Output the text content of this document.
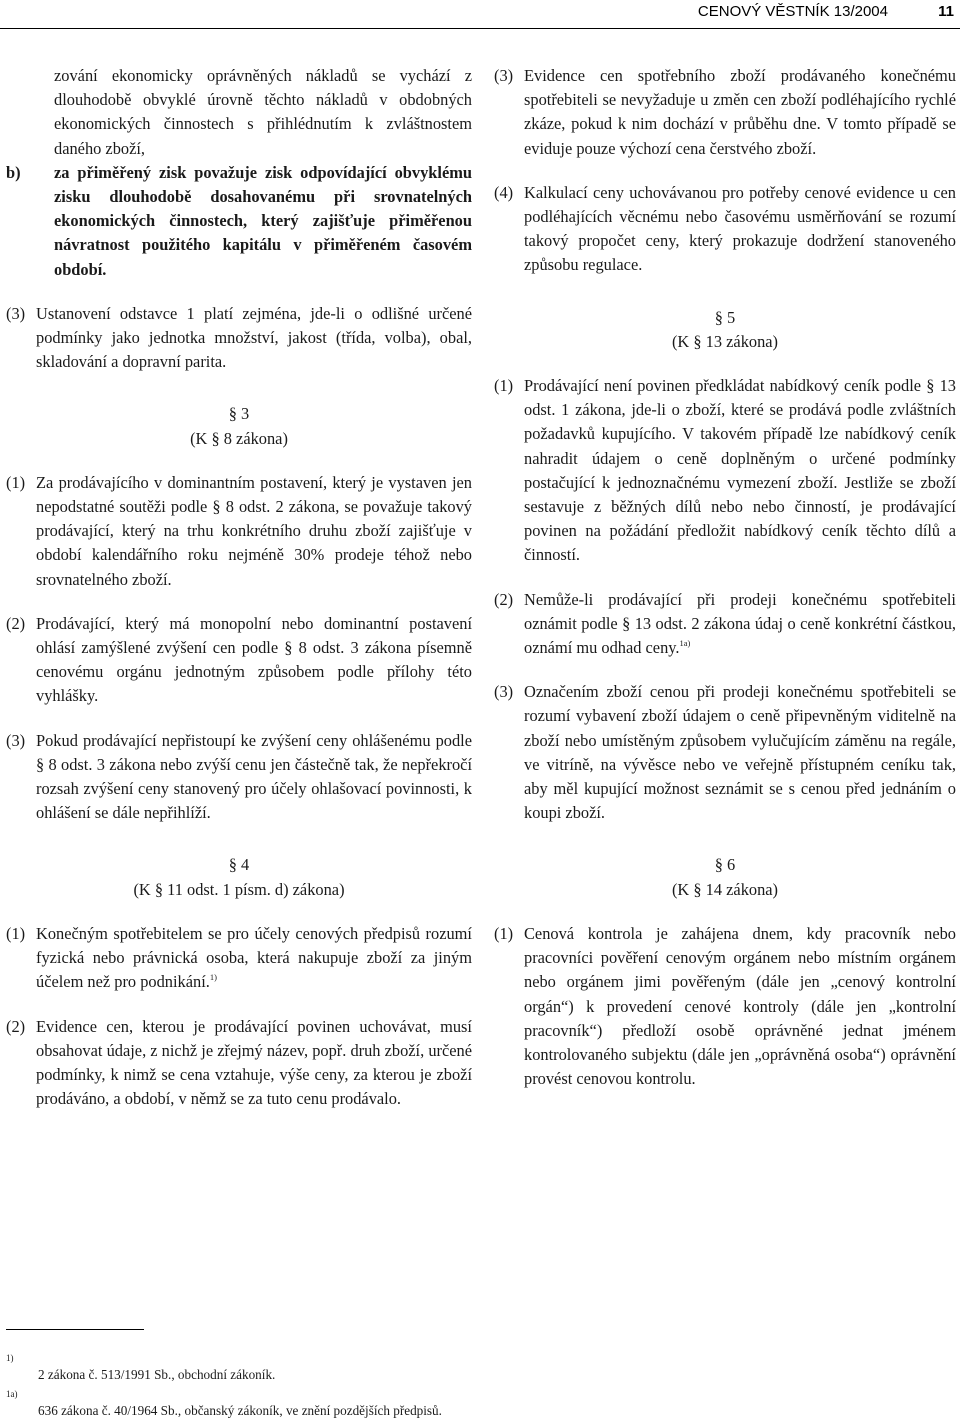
CENOVÝ VĚSTNÍK 13/2004	11

zování ekonomicky oprávněných nákladů se vychází z dlouhodobě obvyklé úrovně těchto nákladů v obdobných ekonomických činnostech s přihlédnutím k zvláštnostem daného zboží,

b)	za přiměřený zisk považuje zisk odpovídající obvyklému zisku dlouhodobě dosahovanému při srovnatelných ekonomických činnostech, který zajišťuje přiměřenou návratnost použitého kapitálu v přiměřeném časovém období.
(3) Ustanovení odstavce 1 platí zejména, jde-li o odlišné určené podmínky jako jednotka množství, jakost (třída, volba), obal, skladování a dopravní parita.
§ 3
(K § 8 zákona)
(1) Za prodávajícího v dominantním postavení, který je vystaven jen nepodstatné soutěži podle § 8 odst. 2 zákona, se považuje takový prodávající, který na trhu konkrétního druhu zboží zajišťuje v období kalendářního roku nejméně 30% prodeje téhož nebo srovnatelného zboží.
(2) Prodávající, který má monopolní nebo dominantní postavení ohlásí zamýšlené zvýšení cen podle § 8 odst. 3 zákona písemně cenovému orgánu jednotným způsobem podle přílohy této vyhlášky.
(3) Pokud prodávající nepřistoupí ke zvýšení ceny ohlášenému podle § 8 odst. 3 zákona nebo zvýší cenu jen částečně tak, že nepřekročí rozsah zvýšení ceny stanovený pro účely ohlašovací povinnosti, k ohlášení se dále nepřihlíží.
§ 4
(K § 11 odst. 1 písm. d) zákona)
(1) Konečným spotřebitelem se pro účely cenových předpisů rozumí fyzická nebo právnická osoba, která nakupuje zboží za jiným účelem než pro podnikání.$^{1)}$
(2) Evidence cen, kterou je prodávající povinen uchovávat, musí obsahovat údaje, z nichž je zřejmý název, popř. druh zboží, určené podmínky, k nimž se cena vztahuje, výše ceny, za kterou je zboží prodáváno, a období, v němž se za tuto cenu prodávalo.
(3) Evidence cen spotřebního zboží prodávaného konečnému spotřebiteli se nevyžaduje u změn cen zboží podléhajícího rychlé zkáze, pokud k nim dochází v průběhu dne. V tomto případě se eviduje pouze výchozí cena čerstvého zboží.
(4) Kalkulací ceny uchovávanou pro potřeby cenové evidence u cen podléhajících věcnému nebo časovému usměrňování se rozumí takový propočet ceny, který prokazuje dodržení stanoveného způsobu regulace.
§ 5
(K § 13 zákona)
(1) Prodávající není povinen předkládat nabídkový ceník podle § 13 odst. 1 zákona, jde-li o zboží, které se prodává podle zvláštních požadavků kupujícího. V takovém případě lze nabídkový ceník nahradit údajem o ceně doplněným o určené podmínky postačující k jednoznačnému vymezení zboží. Jestliže se zboží sestavuje z běžných dílů nebo nebo činností, je prodávající povinen na požádání předložit nabídkový ceník těchto dílů a činností.
(2) Nemůže-li prodávající při prodeji konečnému spotřebiteli oznámit podle § 13 odst. 2 zákona údaj o ceně konkrétní částkou, oznámí mu odhad ceny.$^{1a)}$
(3) Označením zboží cenou při prodeji konečnému spotřebiteli se rozumí vybavení zboží údajem o ceně připevněným viditelně na zboží nebo umístěným způsobem vylučujícím záměnu na regále, ve vitríně, na vývěsce nebo ve veřejně přístupném ceníku tak, aby měl kupující možnost seznámit se s cenou před jednáním o koupi zboží.
§ 6
(K § 14 zákona)
(1) Cenová kontrola je zahájena dnem, kdy pracovník nebo pracovníci pověření cenovým orgánem nebo místním orgánem nebo orgánem jimi pověřeným (dále jen „cenový kontrolní orgán“) k provedení cenové kontroly (dále jen „kontrolní pracovník“) předloží osobě oprávněné jednat jménem kontrolovaného subjektu (dále jen „oprávněná osoba“) oprávnění provést cenovou kontrolu.
1)
2 zákona č. 513/1991 Sb., obchodní zákoník.
1a)
636 zákona č. 40/1964 Sb., občanský zákoník, ve znění pozdějších předpisů.
